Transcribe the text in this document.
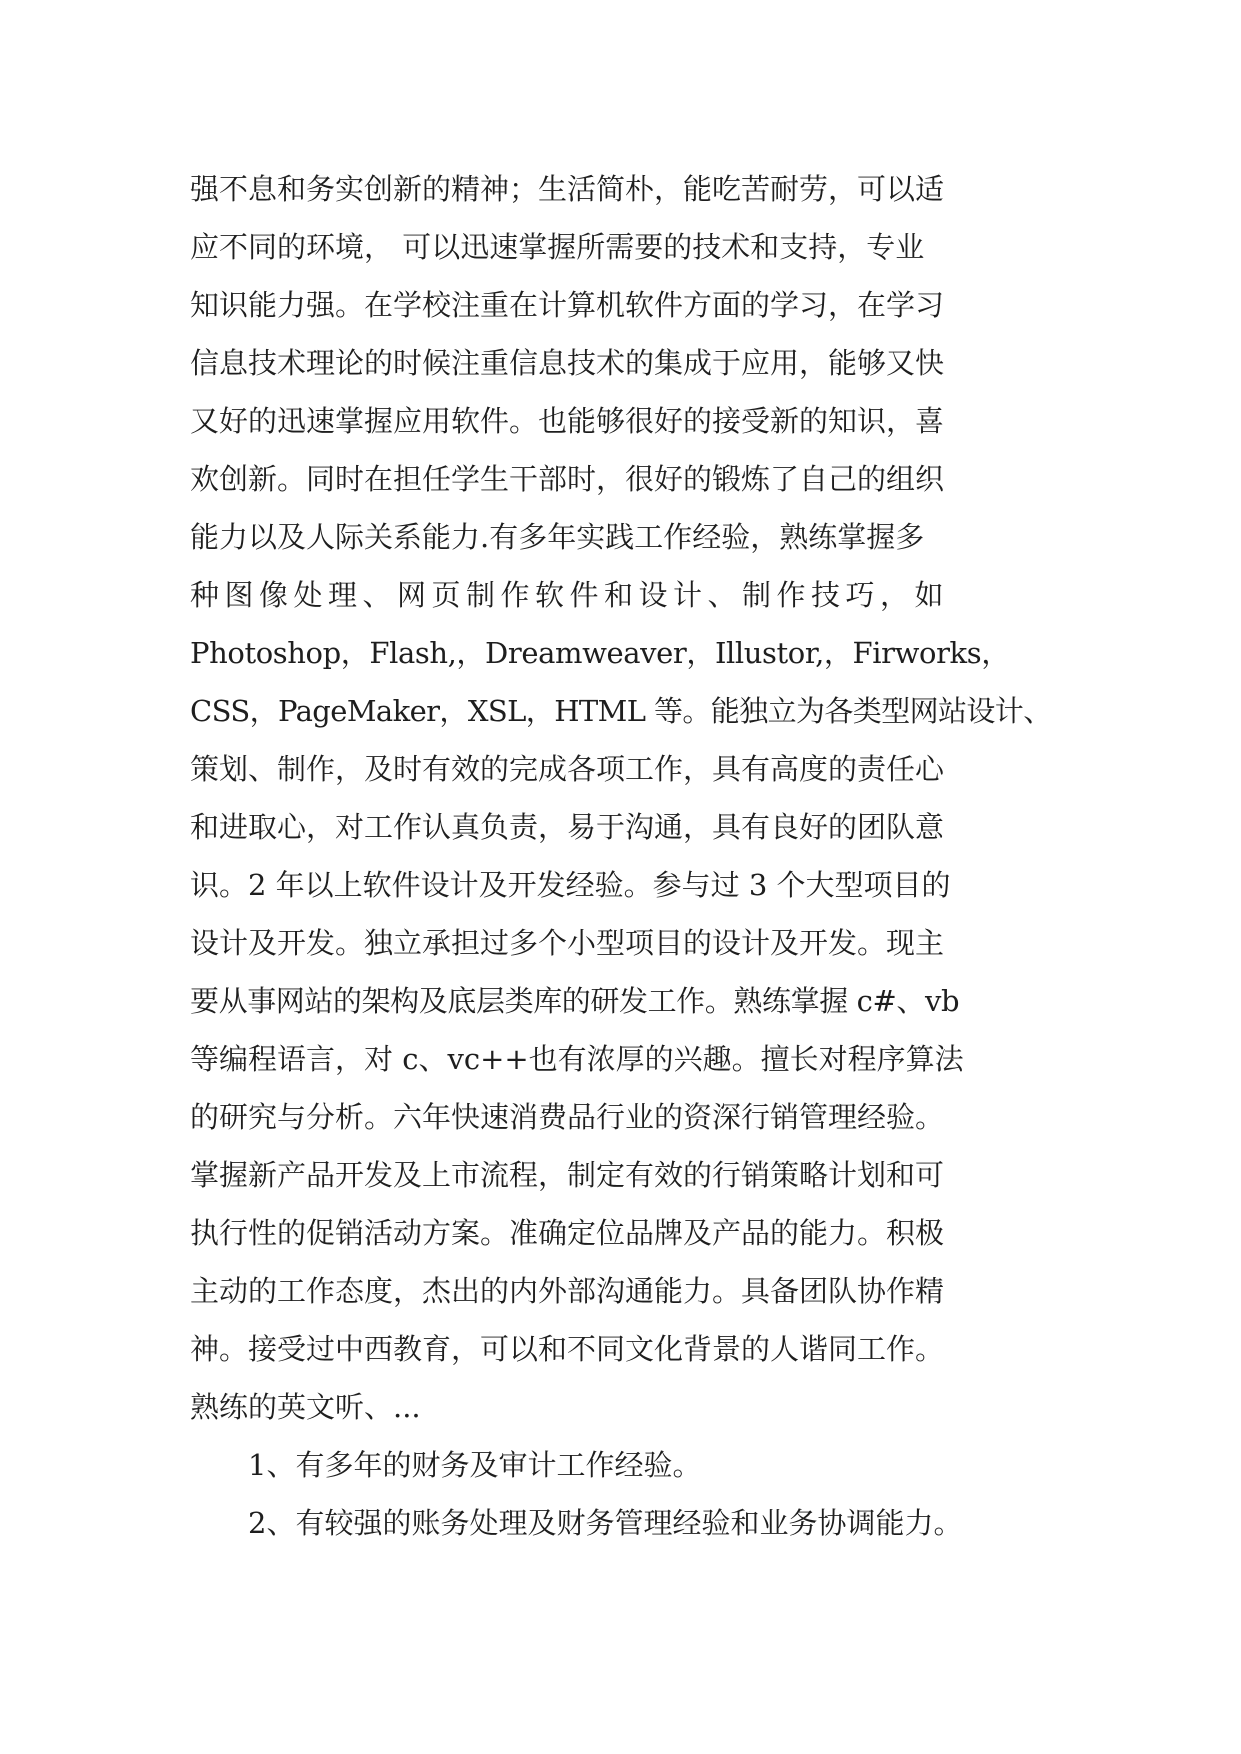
强不息和务实创新的精神；生活简朴，能吃苦耐劳，可以适
应不同的环境， 可以迅速掌握所需要的技术和支持，专业
知识能力强。在学校注重在计算机软件方面的学习，在学习
信息技术理论的时候注重信息技术的集成于应用，能够又快
又好的迅速掌握应用软件。也能够很好的接受新的知识，喜
欢创新。同时在担任学生干部时，很好的锻炼了自己的组织
能力以及人际关系能力.有多年实践工作经验，熟练掌握多
种图像处理、网页制作软件和设计、制作技巧，如
Photoshop，Flash,，Dreamweaver，Illustor,，Firworks，
CSS，PageMaker，XSL，HTML 等。能独立为各类型网站设计、
策划、制作，及时有效的完成各项工作，具有高度的责任心
和进取心，对工作认真负责，易于沟通，具有良好的团队意
识。2 年以上软件设计及开发经验。参与过 3 个大型项目的
设计及开发。独立承担过多个小型项目的设计及开发。现主
要从事网站的架构及底层类库的研发工作。熟练掌握 c#、vb
等编程语言，对 c、vc++也有浓厚的兴趣。擅长对程序算法
的研究与分析。六年快速消费品行业的资深行销管理经验。
掌握新产品开发及上市流程，制定有效的行销策略计划和可
执行性的促销活动方案。准确定位品牌及产品的能力。积极
主动的工作态度，杰出的内外部沟通能力。具备团队协作精
神。接受过中西教育，可以和不同文化背景的人谐同工作。
熟练的英文听、...
1、有多年的财务及审计工作经验。
2、有较强的账务处理及财务管理经验和业务协调能力。
